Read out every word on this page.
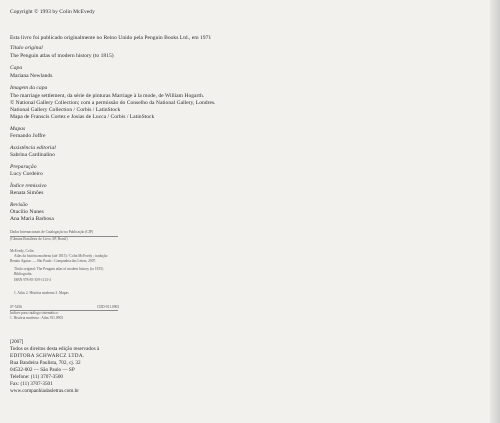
Copyright © 1993 by Colin McEvedy
Esta livro foi publicado originalmente no Reino Unido pela Penguin Books Ltd., em 1971
Título original
The Penguin atlas of modern history (to 1815)
Capa
Mariana Newlands
Imagem da capa
The marriage settlement, da série de pinturas Marriage à la mode, de William Hogarth.
© National Gallery Collection; com a permissão do Conselho da National Gallery, Londres.
National Gallery Collection / Corbis / LatinStock
Mapa de Franscis Cortez e Josias de Lucca / Corbis / LatinStock
Mapas
Fernando Joffre
Assistência editorial
Sabrina Cardinalino
Preparação
Lucy Cordeiro
Índice remissivo
Renata Simões
Revisão
Otacílio Nunes
Ana Maria Barbosa
Dados Internacionais de Catalogação na Publicação (CIP)
(Câmara Brasileira do Livro, SP, Brasil)
McEvedy, Colin
Atlas da história moderna (até 1815) / Colin McEvedy ; tradução
Renato Aguiar. — São Paulo : Companhia das Letras, 2007.
Título original: The Penguin atlas of modern history (to 1815)
Bibliografia.
ISBN 978-85-359-1113-3
1. Atlas 2. História moderna 3. Mapas
07-5456	CDD-911.0903
Índices para catálogo sistemático:
1. História moderna : Atlas 911.0903
[2007]
Todos os direitos desta edição reservados à
EDITORA SCHWARCZ LTDA.
Rua Bandeira Paulista, 702, cj. 32
04532-002 — São Paulo — SP
Telefone: (11) 3707-3500
Fax: (11) 3707-3501
www.companhiadasletras.com.br
